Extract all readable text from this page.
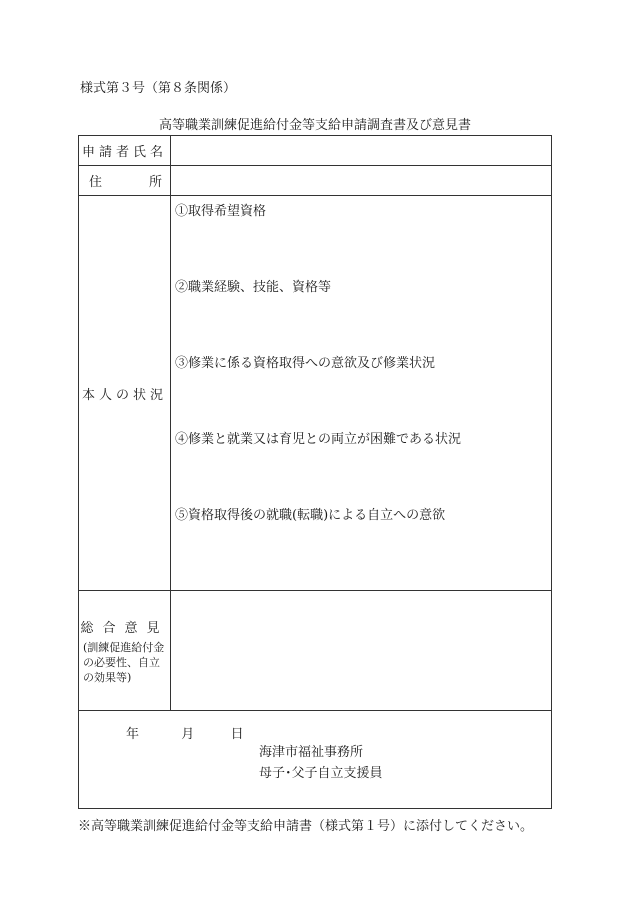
様式第３号（第８条関係）
高等職業訓練促進給付金等支給申請調査書及び意見書
申請者氏名	

住 所	

本人の状況	①取得希望資格
②職業経験、技能、資格等
③修業に係る資格取得への意欲及び修業状況
④修業と就業又は育児との両立が困難である状況
⑤資格取得後の就職(転職)による自立への意欲

総合意見
(訓練促進給付金の必要性、自立の効果等)	

年 月 日
海津市福祉事務所
母子･父子自立支援員	
※高等職業訓練促進給付金等支給申請書（様式第１号）に添付してください。
